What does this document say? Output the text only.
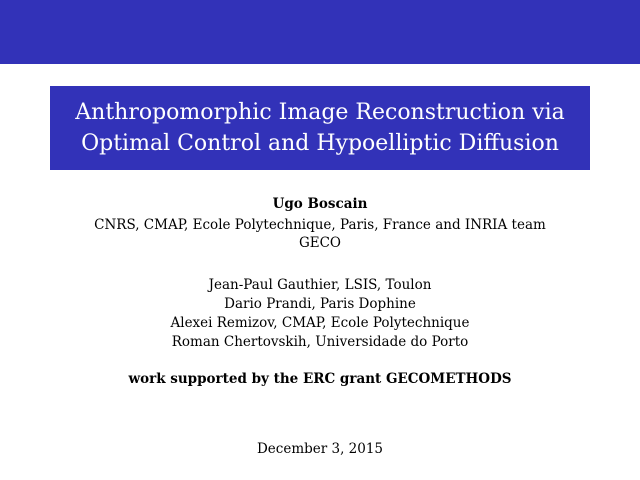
Anthropomorphic Image Reconstruction via
Optimal Control and Hypoelliptic Diffusion
Ugo Boscain
CNRS, CMAP, Ecole Polytechnique, Paris, France and INRIA team
GECO
Jean-Paul Gauthier, LSIS, Toulon
Dario Prandi, Paris Dophine
Alexei Remizov, CMAP, Ecole Polytechnique
Roman Chertovskih, Universidade do Porto
work supported by the ERC grant GECOMETHODS
December 3, 2015
